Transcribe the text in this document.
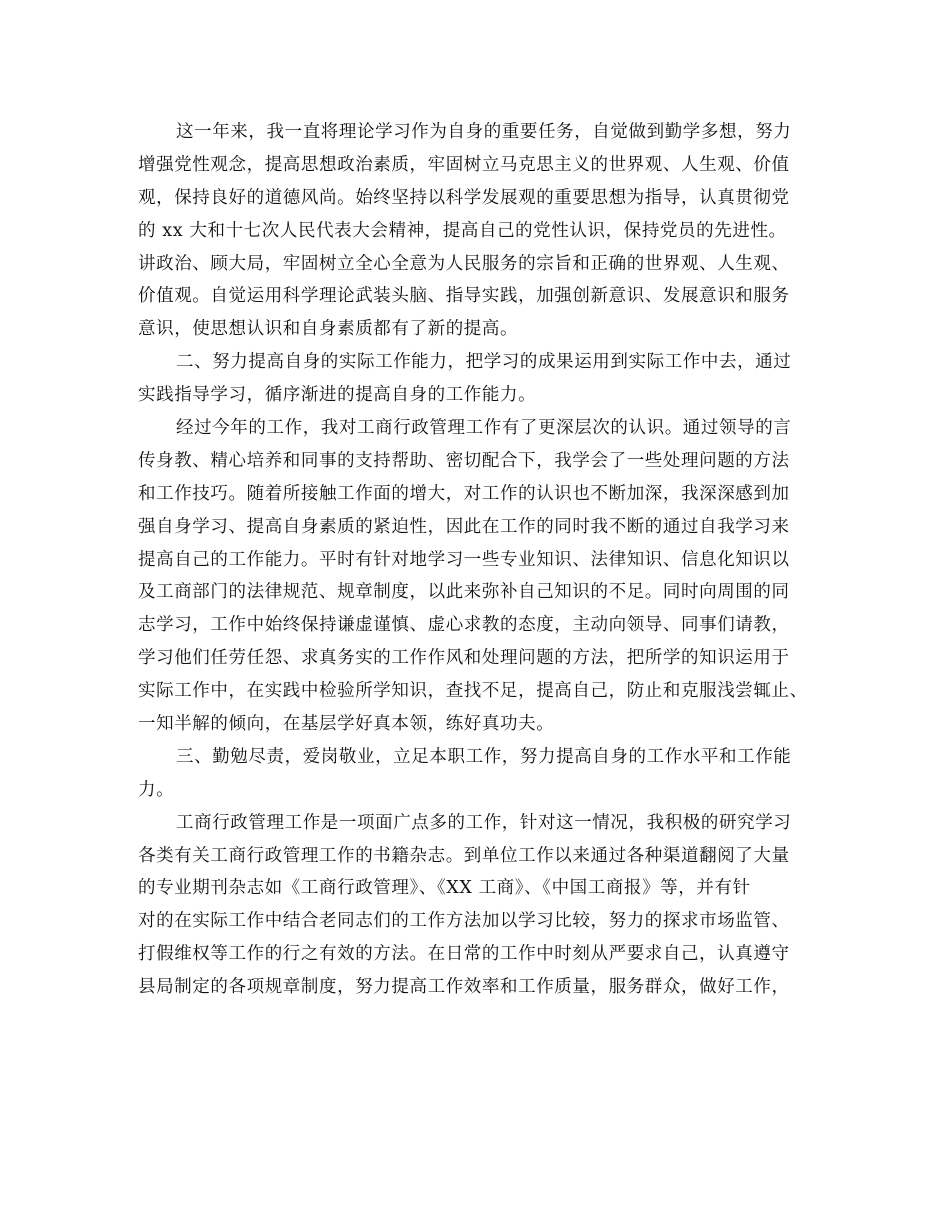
这一年来，我一直将理论学习作为自身的重要任务，自觉做到勤学多想，努力
增强党性观念，提高思想政治素质，牢固树立马克思主义的世界观、人生观、价值
观，保持良好的道德风尚。始终坚持以科学发展观的重要思想为指导，认真贯彻党
的 xx 大和十七次人民代表大会精神，提高自己的党性认识，保持党员的先进性。
讲政治、顾大局，牢固树立全心全意为人民服务的宗旨和正确的世界观、人生观、
价值观。自觉运用科学理论武装头脑、指导实践，加强创新意识、发展意识和服务
意识，使思想认识和自身素质都有了新的提高。
二、努力提高自身的实际工作能力，把学习的成果运用到实际工作中去，通过
实践指导学习，循序渐进的提高自身的工作能力。
经过今年的工作，我对工商行政管理工作有了更深层次的认识。通过领导的言
传身教、精心培养和同事的支持帮助、密切配合下，我学会了一些处理问题的方法
和工作技巧。随着所接触工作面的增大，对工作的认识也不断加深，我深深感到加
强自身学习、提高自身素质的紧迫性，因此在工作的同时我不断的通过自我学习来
提高自己的工作能力。平时有针对地学习一些专业知识、法律知识、信息化知识以
及工商部门的法律规范、规章制度，以此来弥补自己知识的不足。同时向周围的同
志学习，工作中始终保持谦虚谨慎、虚心求教的态度，主动向领导、同事们请教，
学习他们任劳任怨、求真务实的工作作风和处理问题的方法，把所学的知识运用于
实际工作中，在实践中检验所学知识，查找不足，提高自己，防止和克服浅尝辄止、
一知半解的倾向，在基层学好真本领，练好真功夫。
三、勤勉尽责，爱岗敬业，立足本职工作，努力提高自身的工作水平和工作能
力。
工商行政管理工作是一项面广点多的工作，针对这一情况，我积极的研究学习
各类有关工商行政管理工作的书籍杂志。到单位工作以来通过各种渠道翻阅了大量
的专业期刊杂志如《工商行政管理》、《XX 工商》、《中国工商报》等，并有针
对的在实际工作中结合老同志们的工作方法加以学习比较，努力的探求市场监管、
打假维权等工作的行之有效的方法。在日常的工作中时刻从严要求自己，认真遵守
县局制定的各项规章制度，努力提高工作效率和工作质量，服务群众，做好工作，
